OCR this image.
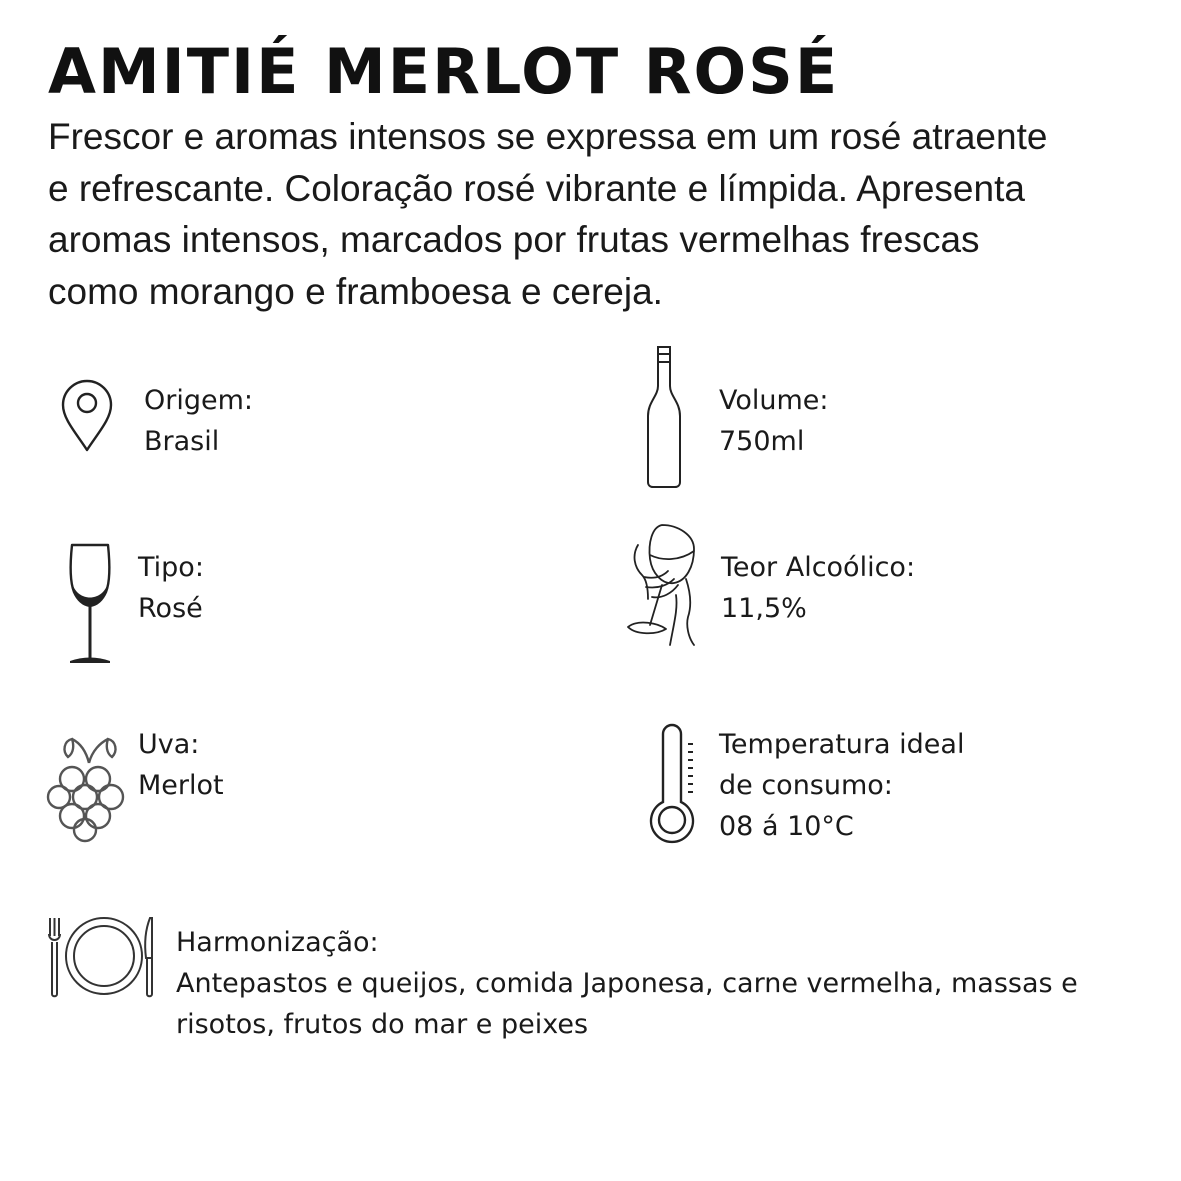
AMITIÉ MERLOT ROSÉ
Frescor e aromas intensos se expressa em um rosé atraente
e refrescante. Coloração rosé vibrante e límpida. Apresenta
aromas intensos, marcados por frutas vermelhas frescas
como morango e framboesa e cereja.
Origem:
Brasil
Volume:
750ml
Tipo:
Rosé
Teor Alcoólico:
11,5%
Uva:
Merlot
Temperatura ideal
de consumo:
08 á 10°C
Harmonização:
Antepastos e queijos, comida Japonesa, carne vermelha, massas e
risotos, frutos do mar e peixes
